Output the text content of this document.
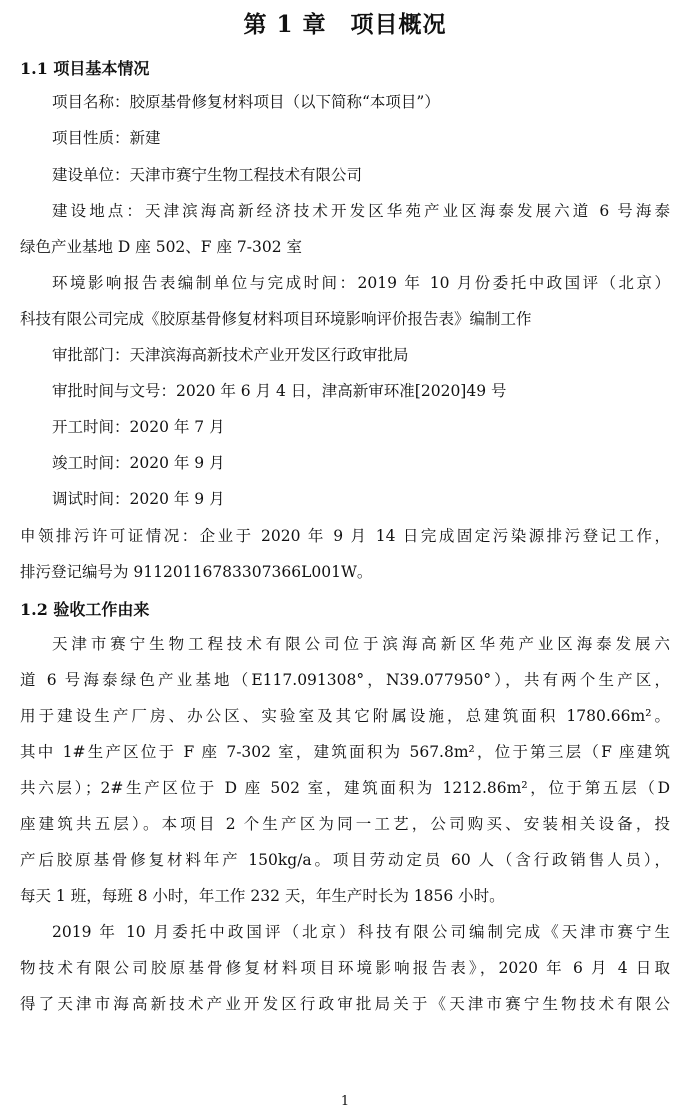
第 1 章　项目概况
1.1 项目基本情况

项目名称：胶原基骨修复材料项目（以下简称“本项目”）

项目性质：新建

建设单位：天津市赛宁生物工程技术有限公司

建设地点：天津滨海高新经济技术开发区华苑产业区海泰发展六道 6 号海泰

绿色产业基地 D 座 502、F 座 7-302 室

环境影响报告表编制单位与完成时间：2019 年 10 月份委托中政国评（北京）

科技有限公司完成《胶原基骨修复材料项目环境影响评价报告表》编制工作

审批部门：天津滨海高新技术产业开发区行政审批局

审批时间与文号：2020 年 6 月 4 日，津高新审环准[2020]49 号

开工时间：2020 年 7 月

竣工时间：2020 年 9 月

调试时间：2020 年 9 月

申领排污许可证情况：企业于 2020 年 9 月 14 日完成固定污染源排污登记工作，

排污登记编号为 91120116783307366L001W。

1.2 验收工作由来

天津市赛宁生物工程技术有限公司位于滨海高新区华苑产业区海泰发展六

道 6 号海泰绿色产业基地（E117.091308°，N39.077950°），共有两个生产区，

用于建设生产厂房、办公区、实验室及其它附属设施，总建筑面积 1780.66m²。

其中 1#生产区位于 F 座 7-302 室，建筑面积为 567.8m²，位于第三层（F 座建筑

共六层）；2#生产区位于 D 座 502 室，建筑面积为 1212.86m²，位于第五层（D

座建筑共五层）。本项目 2 个生产区为同一工艺，公司购买、安装相关设备，投

产后胶原基骨修复材料年产 150kg/a。项目劳动定员 60 人（含行政销售人员），

每天 1 班，每班 8 小时，年工作 232 天，年生产时长为 1856 小时。

2019 年 10 月委托中政国评（北京）科技有限公司编制完成《天津市赛宁生

物技术有限公司胶原基骨修复材料项目环境影响报告表》，2020 年 6 月 4 日取

得了天津市海高新技术产业开发区行政审批局关于《天津市赛宁生物技术有限公

1
